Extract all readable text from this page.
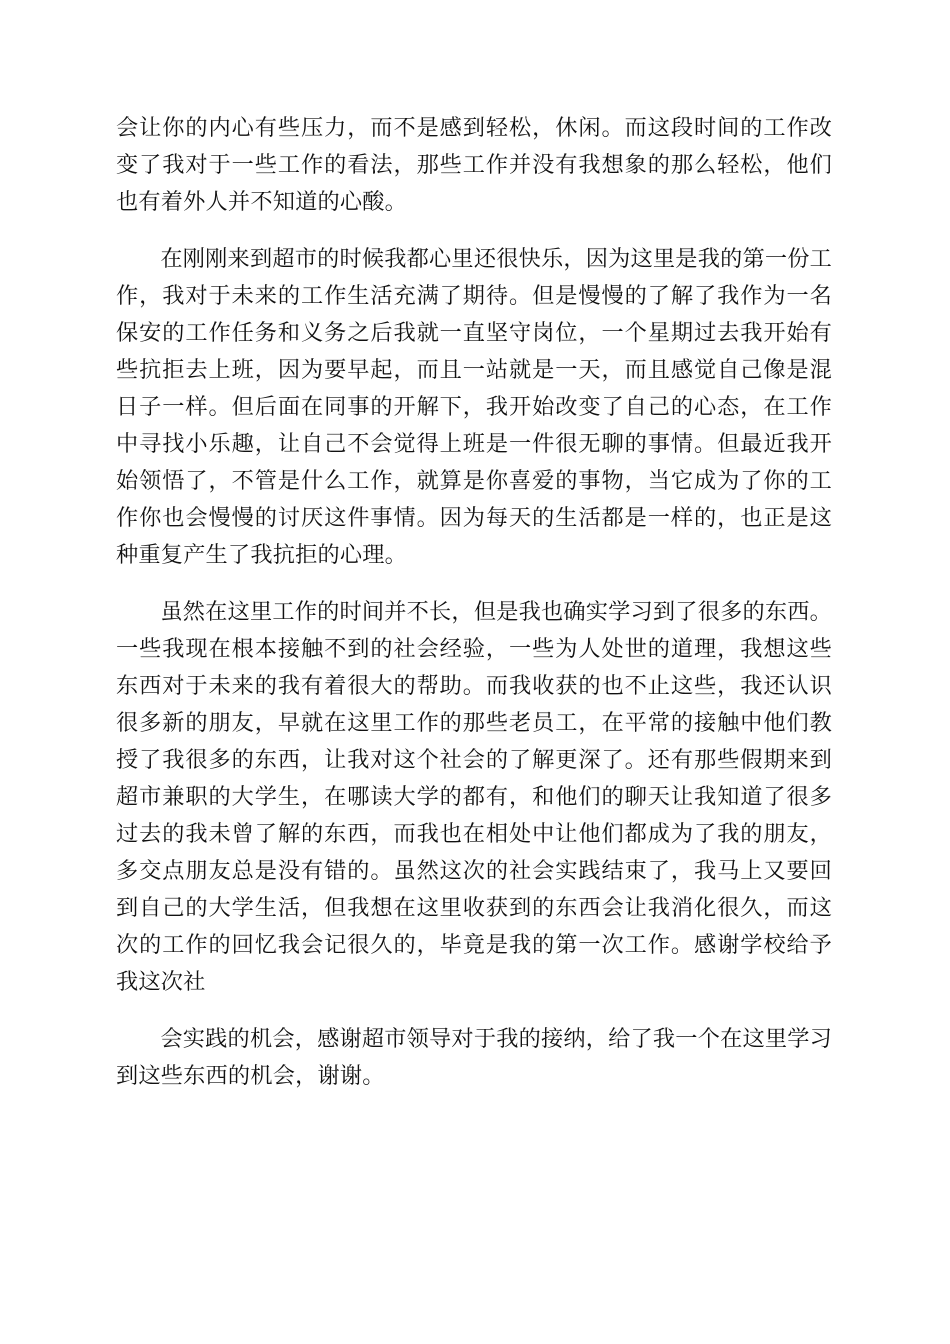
会让你的内心有些压力，而不是感到轻松，休闲。而这段时间的工作改变了我对于一些工作的看法，那些工作并没有我想象的那么轻松，他们也有着外人并不知道的心酸。

在刚刚来到超市的时候我都心里还很快乐，因为这里是我的第一份工作，我对于未来的工作生活充满了期待。但是慢慢的了解了我作为一名保安的工作任务和义务之后我就一直坚守岗位，一个星期过去我开始有些抗拒去上班，因为要早起，而且一站就是一天，而且感觉自己像是混日子一样。但后面在同事的开解下，我开始改变了自己的心态，在工作中寻找小乐趣，让自己不会觉得上班是一件很无聊的事情。但最近我开始领悟了，不管是什么工作，就算是你喜爱的事物，当它成为了你的工作你也会慢慢的讨厌这件事情。因为每天的生活都是一样的，也正是这种重复产生了我抗拒的心理。

虽然在这里工作的时间并不长，但是我也确实学习到了很多的东西。一些我现在根本接触不到的社会经验，一些为人处世的道理，我想这些东西对于未来的我有着很大的帮助。而我收获的也不止这些，我还认识很多新的朋友，早就在这里工作的那些老员工，在平常的接触中他们教授了我很多的东西，让我对这个社会的了解更深了。还有那些假期来到超市兼职的大学生，在哪读大学的都有，和他们的聊天让我知道了很多过去的我未曾了解的东西，而我也在相处中让他们都成为了我的朋友，多交点朋友总是没有错的。虽然这次的社会实践结束了，我马上又要回到自己的大学生活，但我想在这里收获到的东西会让我消化很久，而这次的工作的回忆我会记很久的，毕竟是我的第一次工作。感谢学校给予我这次社

会实践的机会，感谢超市领导对于我的接纳，给了我一个在这里学习到这些东西的机会，谢谢。
